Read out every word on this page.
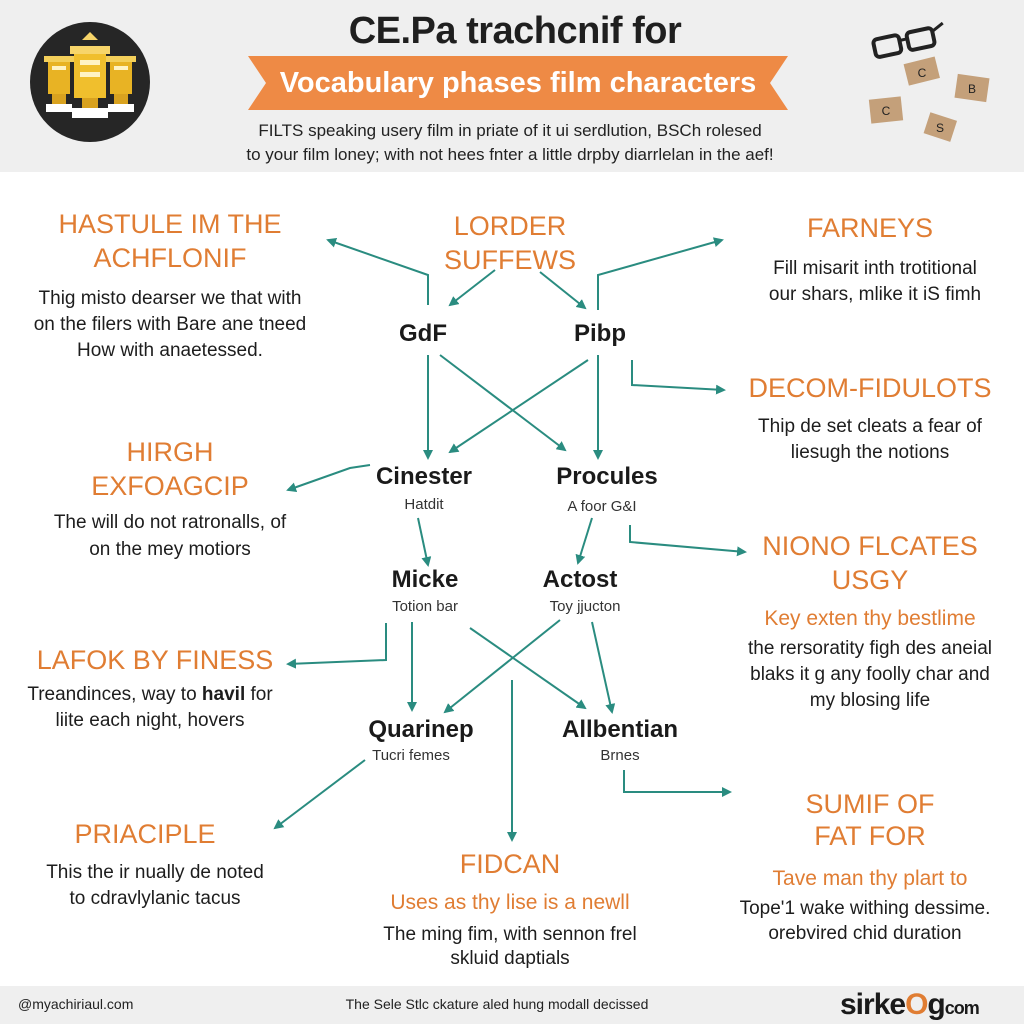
CE.Pa trachcnif for
Vocabulary phases film characters
FILTS speaking usery film in priate of it ui serdlution, BSCh rolesed
to your film loney; with not hees fnter a little drpby diarrlelan in the aef!
C
B
C
S
HASTULE IM THE
ACHFLONIF
Thig misto dearser we that with
on the filers with Bare ane tneed
How with anaetessed.
HIRGH
EXFOAGCIP
The will do not ratronalls, of
on the mey motiors
LAFOK BY FINESS
Treandinces, way to havil for
liite each night, hovers
PRIACIPLE
This the ir nually de noted
to cdravlylanic tacus
LORDER
SUFFEWS
GdF	Pibp
Cinester
Hatdit
Procules
A foor G&I
Micke
Totion bar
Actost
Toy jjucton
Quarinep
Tucri femes
Allbentian
Brnes
FIDCAN
Uses as thy lise is a newll
The ming fim, with sennon frel
skluid daptials
FARNEYS
Fill misarit inth trotitional
our shars, mlike it iS fimh
DECOM-FIDULOTS
Thip de set cleats a fear of
liesugh the notions
NIONO FLCATES
USGY
Key exten thy bestlime
the rersoratity figh des aneial
blaks it g any foolly char and
my blosing life
SUMIF OF
FAT FOR
Tave man thy plart to
Tope'1 wake withing dessime.
orebvired chid duration
@myachiriaul.com	The Sele Stlc ckature aled hung modall decissed	sirkeOgcom
